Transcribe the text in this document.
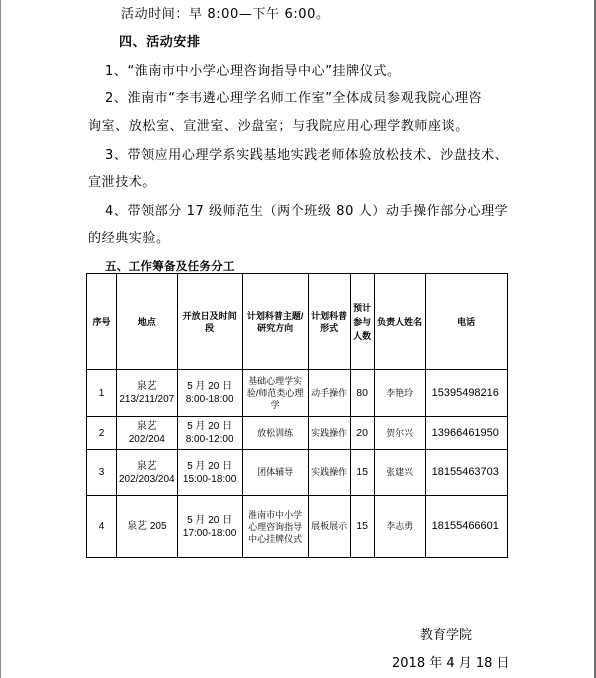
活动时间：早 8:00—下午 6:00。
四、活动安排
1、“淮南市中小学心理咨询指导中心”挂牌仪式。
2、淮南市“李韦遴心理学名师工作室”全体成员参观我院心理咨
询室、放松室、宣泄室、沙盘室；与我院应用心理学教师座谈。
3、带领应用心理学系实践基地实践老师体验放松技术、沙盘技术、
宣泄技术。
4、带领部分 17 级师范生（两个班级 80 人）动手操作部分心理学
的经典实验。
五、工作筹备及任务分工
序号	地点	开放日及时间段	计划科普主题/研究方向	计划科普形式	预计参与人数	负责人姓名	电话
1	泉艺 213/211/207	5 月 20 日 8:00-18:00	基础心理学实验/师范类心理学	动手操作	80	李艳玲	15395498216
2	泉艺 202/204	5 月 20 日 8:00-12:00	放松训练	实践操作	20	贺尔兴	13966461950
3	泉艺 202/203/204	5 月 20 日 15:00-18:00	团体辅导	实践操作	15	张建兴	18155463703
4	泉艺 205	5 月 20 日 17:00-18:00	淮南市中小学心理咨询指导中心挂牌仪式	展板展示	15	李志勇	18155466601
教育学院
2018 年 4 月 18 日
